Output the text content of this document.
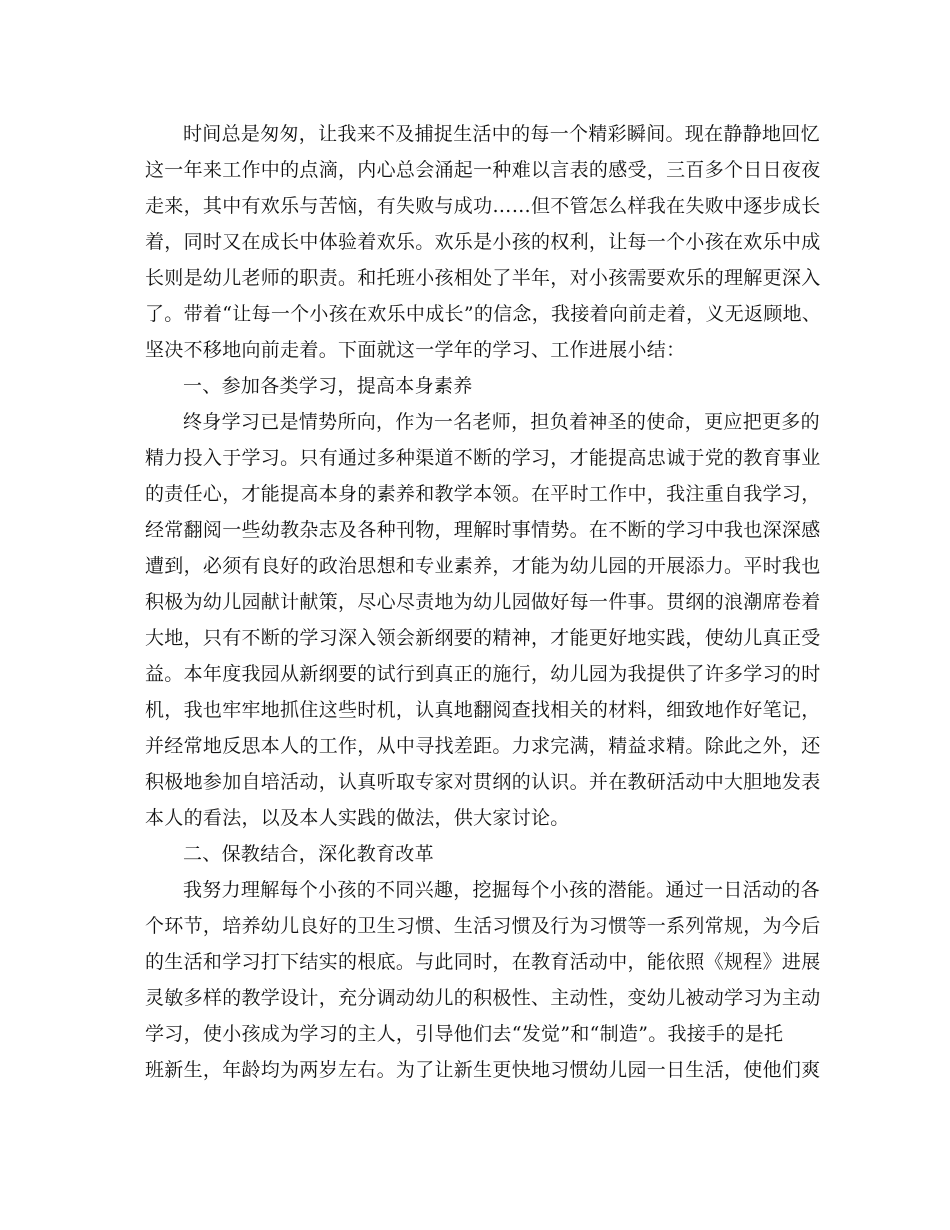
时间总是匆匆，让我来不及捕捉生活中的每一个精彩瞬间。现在静静地回忆
这一年来工作中的点滴，内心总会涌起一种难以言表的感受，三百多个日日夜夜
走来，其中有欢乐与苦恼，有失败与成功……但不管怎么样我在失败中逐步成长
着，同时又在成长中体验着欢乐。欢乐是小孩的权利，让每一个小孩在欢乐中成
长则是幼儿老师的职责。和托班小孩相处了半年，对小孩需要欢乐的理解更深入
了。带着“让每一个小孩在欢乐中成长”的信念，我接着向前走着，义无返顾地、
坚决不移地向前走着。下面就这一学年的学习、工作进展小结：
一、参加各类学习，提高本身素养
终身学习已是情势所向，作为一名老师，担负着神圣的使命，更应把更多的
精力投入于学习。只有通过多种渠道不断的学习，才能提高忠诚于党的教育事业
的责任心，才能提高本身的素养和教学本领。在平时工作中，我注重自我学习，
经常翻阅一些幼教杂志及各种刊物，理解时事情势。在不断的学习中我也深深感
遭到，必须有良好的政治思想和专业素养，才能为幼儿园的开展添力。平时我也
积极为幼儿园献计献策，尽心尽责地为幼儿园做好每一件事。贯纲的浪潮席卷着
大地，只有不断的学习深入领会新纲要的精神，才能更好地实践，使幼儿真正受
益。本年度我园从新纲要的试行到真正的施行，幼儿园为我提供了许多学习的时
机，我也牢牢地抓住这些时机，认真地翻阅查找相关的材料，细致地作好笔记，
并经常地反思本人的工作，从中寻找差距。力求完满，精益求精。除此之外，还
积极地参加自培活动，认真听取专家对贯纲的认识。并在教研活动中大胆地发表
本人的看法，以及本人实践的做法，供大家讨论。
二、保教结合，深化教育改革
我努力理解每个小孩的不同兴趣，挖掘每个小孩的潜能。通过一日活动的各
个环节，培养幼儿良好的卫生习惯、生活习惯及行为习惯等一系列常规，为今后
的生活和学习打下结实的根底。与此同时，在教育活动中，能依照《规程》进展
灵敏多样的教学设计，充分调动幼儿的积极性、主动性，变幼儿被动学习为主动
学习，使小孩成为学习的主人，引导他们去“发觉”和“制造”。我接手的是托
班新生，年龄均为两岁左右。为了让新生更快地习惯幼儿园一日生活，使他们爽
